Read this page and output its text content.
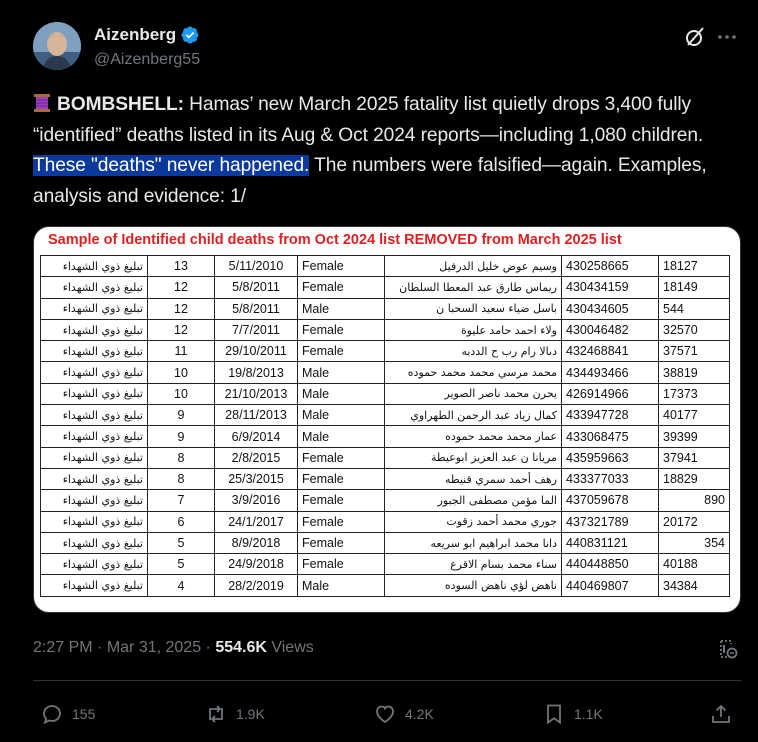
Aizenberg
@Aizenberg55
BOMBSHELL: Hamas’ new March 2025 fatality list quietly drops 3,400 fully “identified” deaths listed in its Aug & Oct 2024 reports—including 1,080 children. These "deaths" never happened. The numbers were falsified—again. Examples, analysis and evidence: 1/
Sample of Identified child deaths from Oct 2024 list REMOVED from March 2025 list
تبليغ ذوي الشهداء	13	5/11/2010	Female	وسيم عوض خليل الدرفيل	430258665	18127
تبليغ ذوي الشهداء	12	5/8/2011	Female	ريماس طارق عبد المعطا السلطان	430434159	18149
تبليغ ذوي الشهداء	12	5/8/2011	Male	باسل ضياء سعيد السحبا ن	430434605	544
تبليغ ذوي الشهداء	12	7/7/2011	Female	ولاء احمد حامد عليوة	430046482	32570
تبليغ ذوي الشهداء	11	29/10/2011	Female	دىالا رام رب ح الددبه	432468841	37571
تبليغ ذوي الشهداء	10	19/8/2013	Male	محمد مرسي محمد محمد حموده	434493466	38819
تبليغ ذوي الشهداء	10	21/10/2013	Male	يحرن محمد ناصر الصوير	426914966	17373
تبليغ ذوي الشهداء	9	28/11/2013	Male	كمال زياد عبد الرحمن الطهراوي	433947728	40177
تبليغ ذوي الشهداء	9	6/9/2014	Male	عمار محمد محمد حموده	433068475	39399
تبليغ ذوي الشهداء	8	2/8/2015	Female	مريانا ن عبد العزيز ابوعيطة	435959663	37941
تبليغ ذوي الشهداء	8	25/3/2015	Female	رهف أحمد سمري قنيطه	433377033	18829
تبليغ ذوي الشهداء	7	3/9/2016	Female	الما مؤمن مصطفى الجبور	437059678	890
تبليغ ذوي الشهداء	6	24/1/2017	Female	جوري محمد أحمد زقوت	437321789	20172
تبليغ ذوي الشهداء	5	8/9/2018	Female	دانا محمد ابراهيم ابو سريعه	440831121	354
تبليغ ذوي الشهداء	5	24/9/2018	Female	سناء محمد بسام الاقرع	440448850	40188
تبليغ ذوي الشهداء	4	28/2/2019	Male	ناهض لؤي ناهض السوده	440469807	34384
2:27 PM · Mar 31, 2025 · 554.6K Views
155	1.9K	4.2K	1.1K
